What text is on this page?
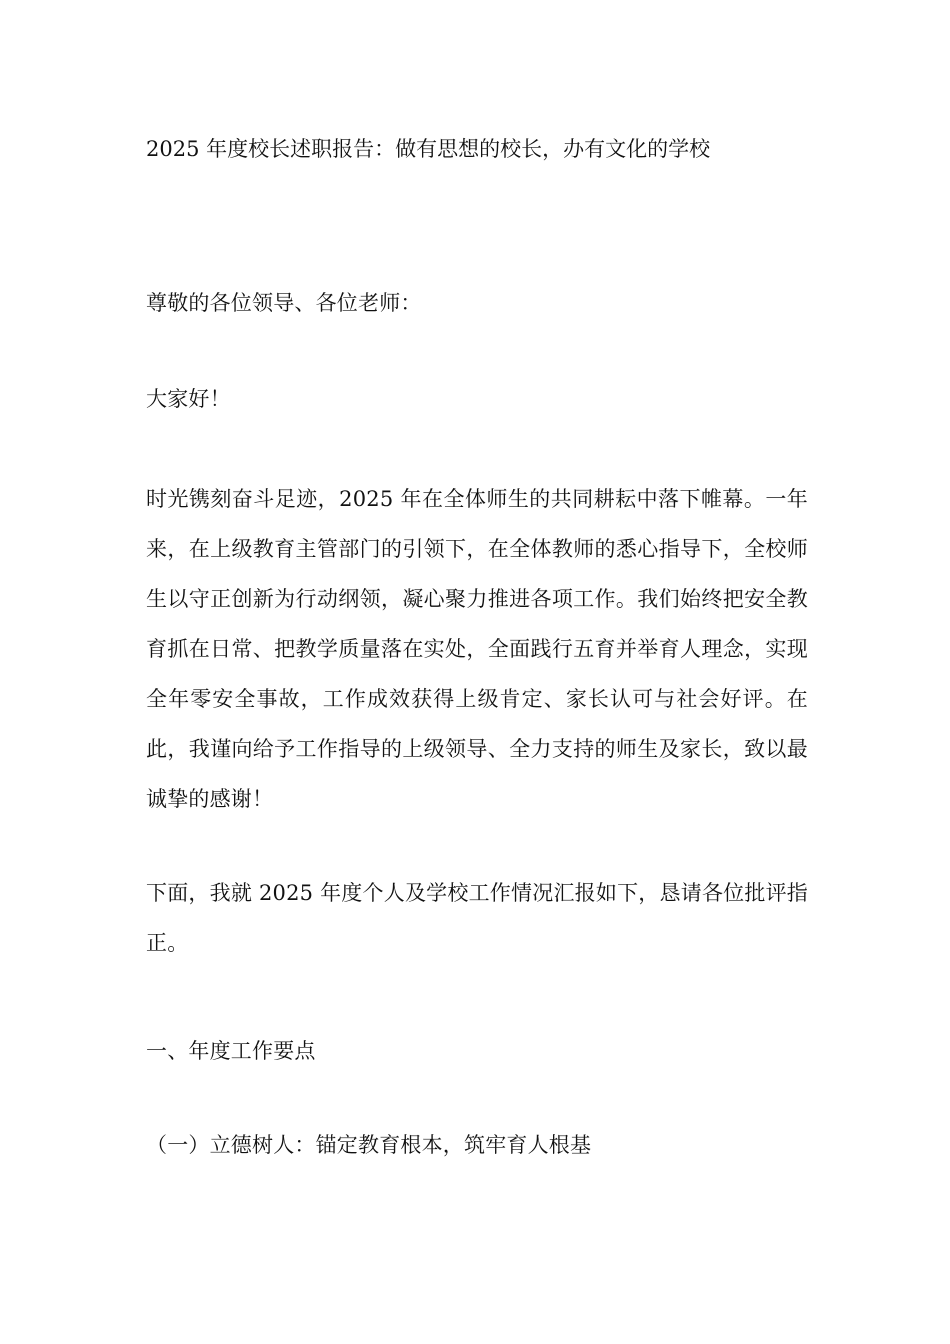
2025 年度校长述职报告：做有思想的校长，办有文化的学校
尊敬的各位领导、各位老师：
大家好！
时光镌刻奋斗足迹，2025 年在全体师生的共同耕耘中落下帷幕。一年来，在上级教育主管部门的引领下，在全体教师的悉心指导下，全校师生以守正创新为行动纲领，凝心聚力推进各项工作。我们始终把安全教育抓在日常、把教学质量落在实处，全面践行五育并举育人理念，实现全年零安全事故，工作成效获得上级肯定、家长认可与社会好评。在此，我谨向给予工作指导的上级领导、全力支持的师生及家长，致以最诚挚的感谢！
下面，我就 2025 年度个人及学校工作情况汇报如下，恳请各位批评指正。
一、年度工作要点
（一）立德树人：锚定教育根本，筑牢育人根基
